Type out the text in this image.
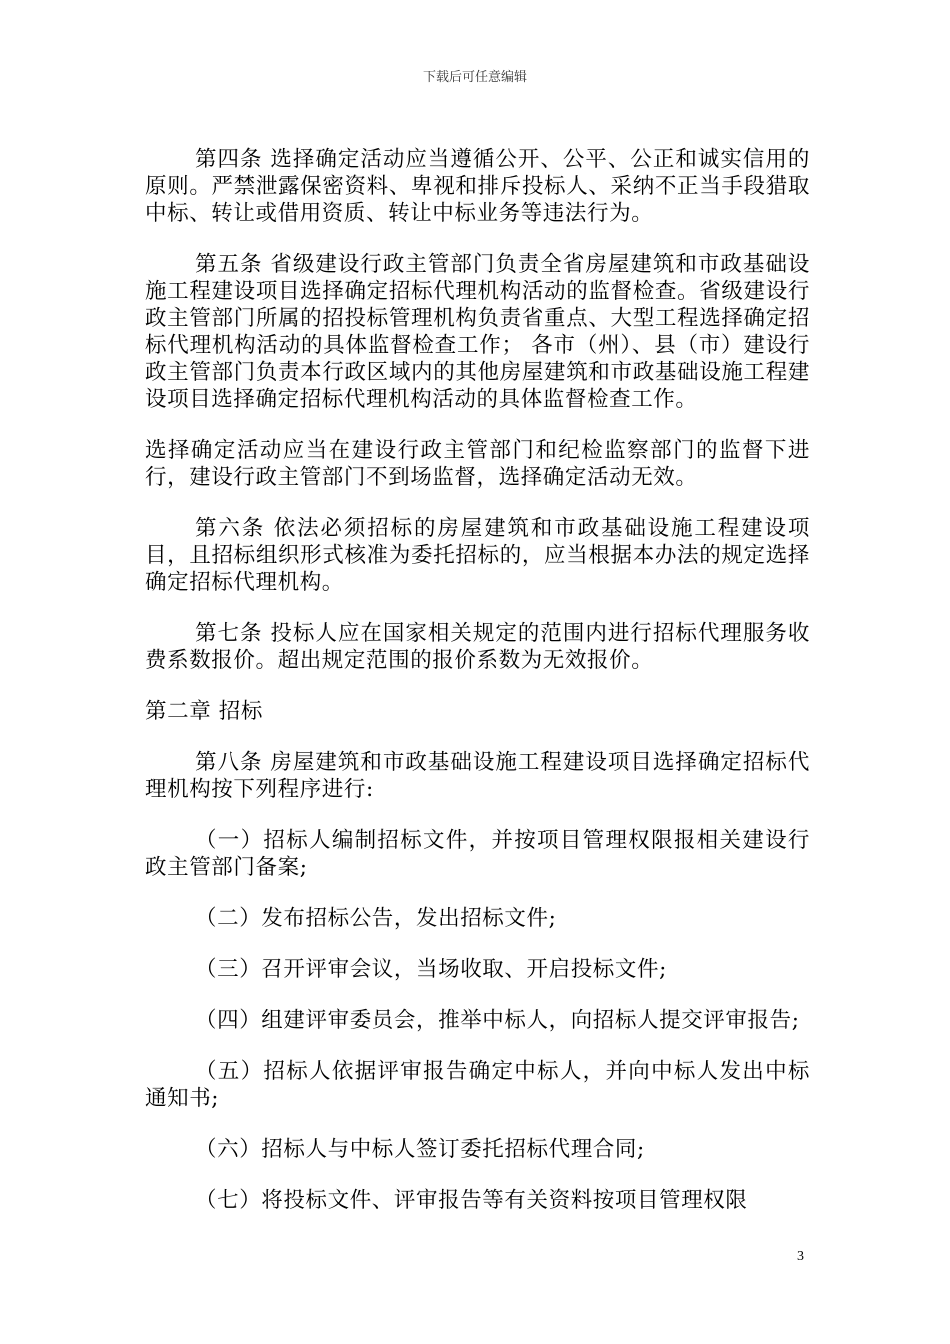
下载后可任意编辑

第四条 选择确定活动应当遵循公开、公平、公正和诚实信用的原则。严禁泄露保密资料、卑视和排斥投标人、采纳不正当手段猎取中标、转让或借用资质、转让中标业务等违法行为。

第五条 省级建设行政主管部门负责全省房屋建筑和市政基础设施工程建设项目选择确定招标代理机构活动的监督检查。省级建设行政主管部门所属的招投标管理机构负责省重点、大型工程选择确定招标代理机构活动的具体监督检查工作； 各市（州）、县（市）建设行政主管部门负责本行政区域内的其他房屋建筑和市政基础设施工程建设项目选择确定招标代理机构活动的具体监督检查工作。

选择确定活动应当在建设行政主管部门和纪检监察部门的监督下进行，建设行政主管部门不到场监督，选择确定活动无效。

第六条 依法必须招标的房屋建筑和市政基础设施工程建设项目，且招标组织形式核准为委托招标的，应当根据本办法的规定选择确定招标代理机构。

第七条 投标人应在国家相关规定的范围内进行招标代理服务收费系数报价。超出规定范围的报价系数为无效报价。

第二章 招标

第八条 房屋建筑和市政基础设施工程建设项目选择确定招标代理机构按下列程序进行:

（一）招标人编制招标文件，并按项目管理权限报相关建设行政主管部门备案;

（二）发布招标公告，发出招标文件;

（三）召开评审会议，当场收取、开启投标文件;

（四）组建评审委员会，推举中标人，向招标人提交评审报告;

（五）招标人依据评审报告确定中标人，并向中标人发出中标通知书;

（六）招标人与中标人签订委托招标代理合同;

（七）将投标文件、评审报告等有关资料按项目管理权限

3
